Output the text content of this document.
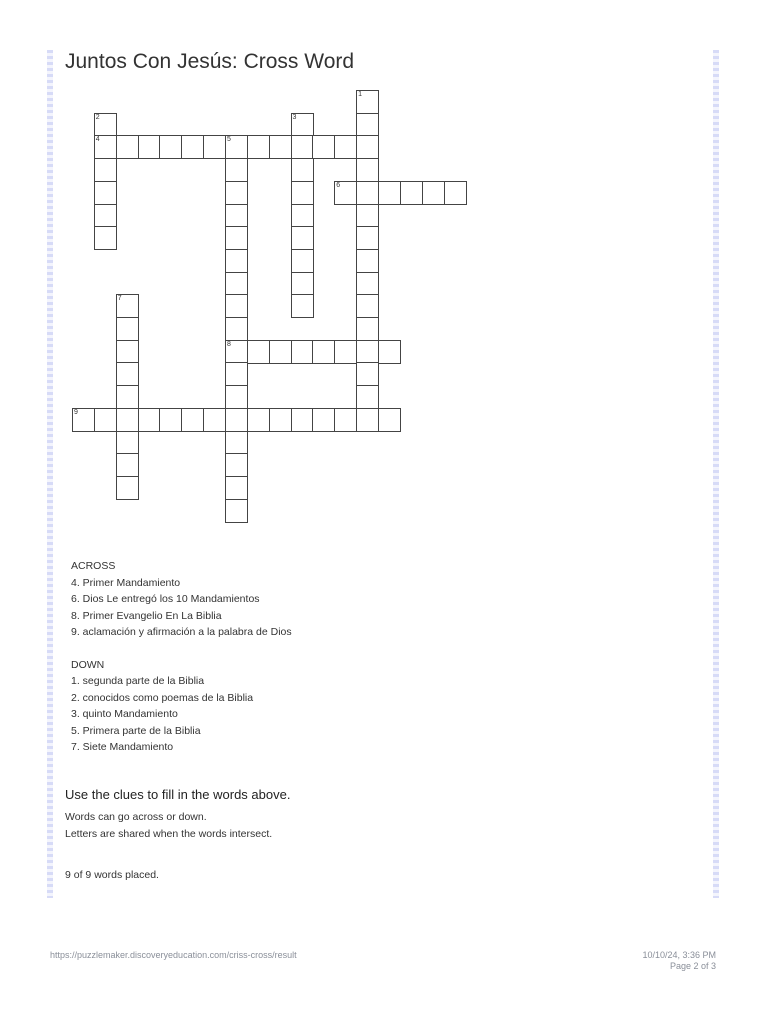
Juntos Con Jesús: Cross Word
1
2
4
3
5
8
6
7
9
ACROSS
4. Primer Mandamiento
6. Dios Le entregó los 10 Mandamientos
8. Primer Evangelio En La Biblia
9. aclamación y afirmación a la palabra de Dios
DOWN
1. segunda parte de la Biblia
2. conocidos como poemas de la Biblia
3. quinto Mandamiento
5. Primera parte de la Biblia
7. Siete Mandamiento
Use the clues to fill in the words above.
Words can go across or down.
Letters are shared when the words intersect.
9 of 9 words placed.
https://puzzlemaker.discoveryeducation.com/criss-cross/result	10/10/24, 3:36 PM
Page 2 of 3
